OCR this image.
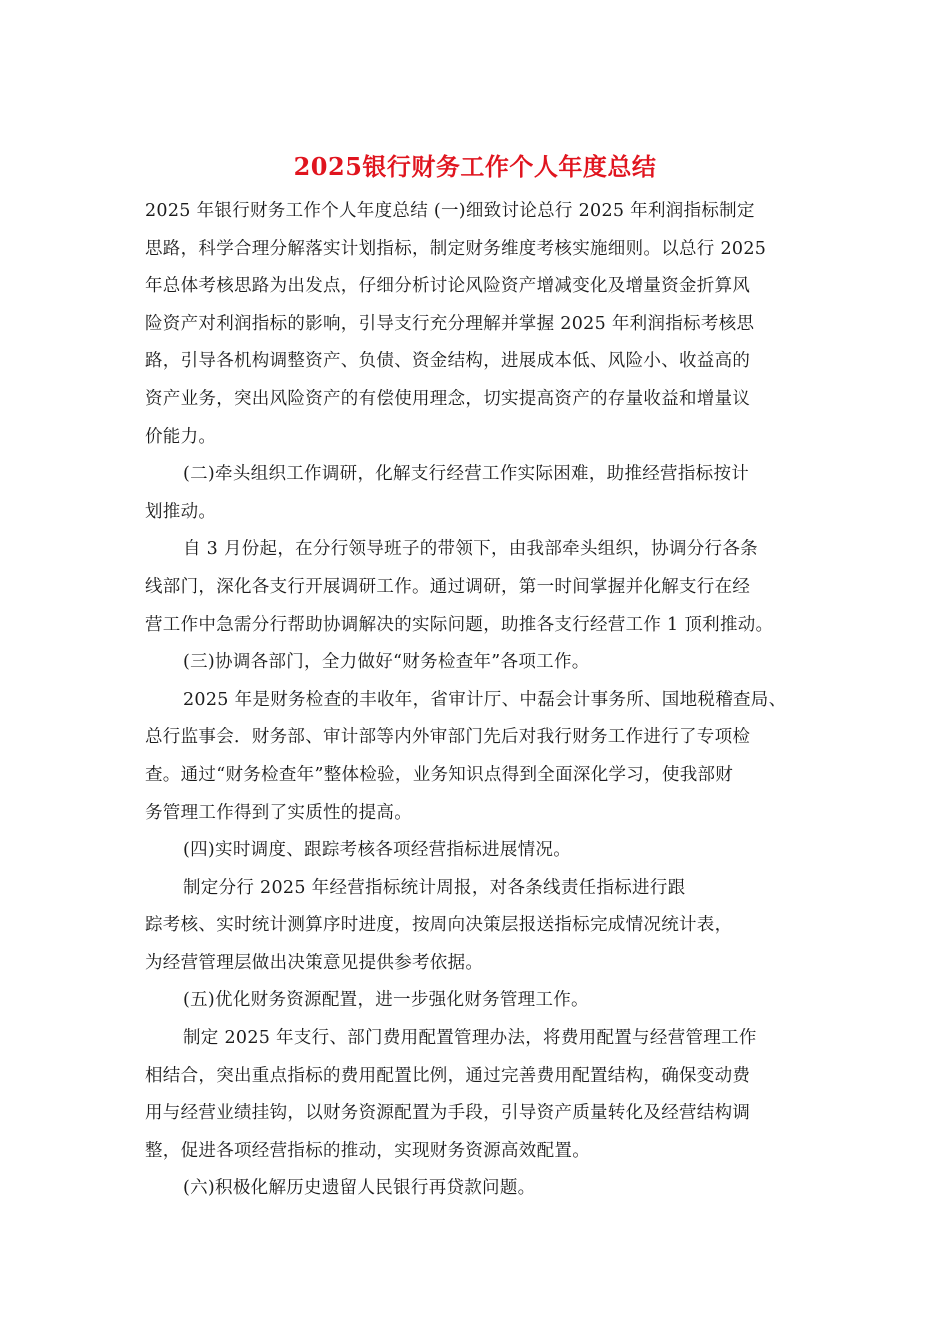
2025银行财务工作个人年度总结
2025 年银行财务工作个人年度总结 (一)细致讨论总行 2025 年利润指标制定
思路，科学合理分解落实计划指标，制定财务维度考核实施细则。以总行 2025
年总体考核思路为出发点，仔细分析讨论风险资产增减变化及增量资金折算风
险资产对利润指标的影响，引导支行充分理解并掌握 2025 年利润指标考核思
路，引导各机构调整资产、负债、资金结构，进展成本低、风险小、收益高的
资产业务，突出风险资产的有偿使用理念，切实提高资产的存量收益和增量议
价能力。
(二)牵头组织工作调研，化解支行经营工作实际困难，助推经营指标按计
划推动。
自 3 月份起，在分行领导班子的带领下，由我部牵头组织，协调分行各条
线部门，深化各支行开展调研工作。通过调研，第一时间掌握并化解支行在经
营工作中急需分行帮助协调解决的实际问题，助推各支行经营工作 1 顶利推动。
(三)协调各部门，全力做好“财务检查年”各项工作。
2025 年是财务检查的丰收年，省审计厅、中磊会计事务所、国地税稽查局、
总行监事会．财务部、审计部等内外审部门先后对我行财务工作进行了专项检
查。通过“财务检查年”整体检验，业务知识点得到全面深化学习，使我部财
务管理工作得到了实质性的提高。
(四)实时调度、跟踪考核各项经营指标进展情况。
制定分行 2025 年经营指标统计周报，对各条线责任指标进行跟
踪考核、实时统计测算序时进度，按周向决策层报送指标完成情况统计表，
为经营管理层做出决策意见提供参考依据。
(五)优化财务资源配置，进一步强化财务管理工作。
制定 2025 年支行、部门费用配置管理办法，将费用配置与经营管理工作
相结合，突出重点指标的费用配置比例，通过完善费用配置结构，确保变动费
用与经营业绩挂钩，以财务资源配置为手段，引导资产质量转化及经营结构调
整，促进各项经营指标的推动，实现财务资源高效配置。
(六)积极化解历史遗留人民银行再贷款问题。
